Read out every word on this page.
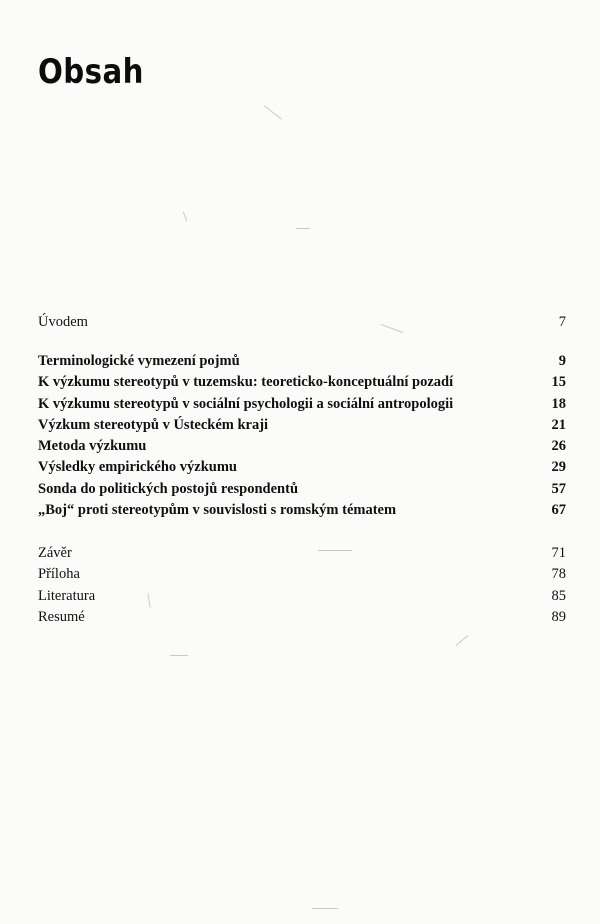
Obsah
Úvodem	7
Terminologické vymezení pojmů	9
K výzkumu stereotypů v tuzemsku: teoreticko-konceptuální pozadí	15
K výzkumu stereotypů v sociální psychologii a sociální antropologii	18
Výzkum stereotypů v Ústeckém kraji	21
Metoda výzkumu	26
Výsledky empirického výzkumu	29
Sonda do politických postojů respondentů	57
„Boj“ proti stereotypům v souvislosti s romským tématem	67
Závěr	71
Příloha	78
Literatura	85
Resumé	89
